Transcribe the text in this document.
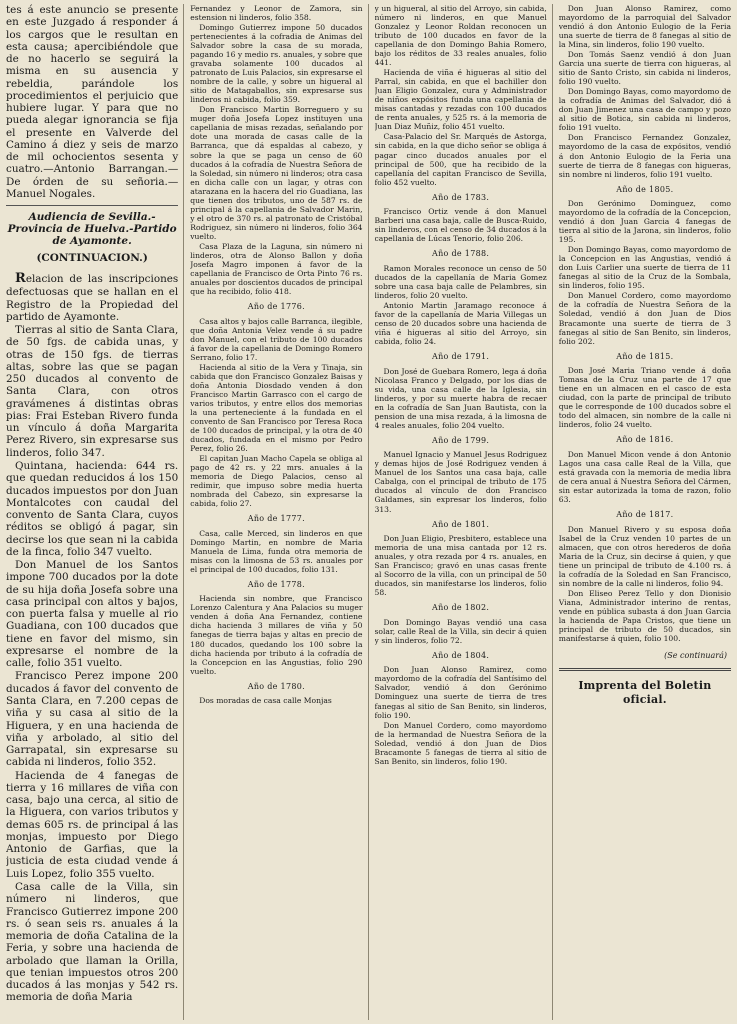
tes á este anuncio se presente en este Juzgado á responder á los cargos que le resultan en esta causa; apercibiéndole que de no hacerlo se seguirá la misma en su ausencia y rebeldia, parándole los procedimientos el perjuicio que hubiere lugar. Y para que no pueda alegar ignorancia se fija el presente en Valverde del Camino á diez y seis de marzo de mil ochocientos sesenta y cuatro.—Antonio Barrangan.—De órden de su señoria.—Manuel Nogales.

Audiencia de Sevilla.-Provincia de Huelva.-Partido de Ayamonte.
(CONTINUACION.)

Relacion de las inscripciones defectuosas que se hallan en el Registro de la Propiedad del partido de Ayamonte.

Tierras al sitio de Santa Clara, de 50 fgs. de cabida unas, y otras de 150 fgs. de tierras altas, sobre las que se pagan 250 ducados al convento de Santa Clara, con otros gravámenes á distintas obras pias: Frai Esteban Rivero funda un vínculo á doña Margarita Perez Rivero, sin expresarse sus linderos, folio 347.

Quintana, hacienda: 644 rs. que quedan reducidos á los 150 ducados impuestos por don Juan Montalcotes con caudal del convento de Santa Clara, cuyos réditos se obligó á pagar, sin decirse los que sean ni la cabida de la finca, folio 347 vuelto.

Don Manuel de los Santos impone 700 ducados por la dote de su hija doña Josefa sobre una casa principal con altos y bajos, con puerta falsa y muelle al rio Guadiana, con 100 ducados que tiene en favor del mismo, sin expresarse el nombre de la calle, folio 351 vuelto.

Francisco Perez impone 200 ducados á favor del convento de Santa Clara, en 7.200 cepas de viña y su casa al sitio de la Higuera, y en una hacienda de viña y arbolado, al sitio del Garrapatal, sin expresarse su cabida ni linderos, folio 352.

Hacienda de 4 fanegas de tierra y 16 millares de viña con casa, bajo una cerca, al sitio de la Higuera, con varios tributos y demas 605 rs. de principal á las monjas, impuesto por Diego Antonio de Garfias, que la justicia de esta ciudad vende á Luis Lopez, folio 355 vuelto.

Casa calle de la Villa, sin número ni linderos, que Francisco Gutierrez impone 200 rs. ó sean seis rs. anuales á la memoria de doña Catalina de la Feria, y sobre una hacienda de arbolado que llaman la Orilla, que tenian impuestos otros 200 ducados á las monjas y 542 rs. memoria de doña Maria

Fernandez y Leonor de Zamora, sin estension ni linderos, folio 358.

Domingo Gutierrez impone 50 ducados pertenecientes á la cofradia de Animas del Salvador sobre la casa de su morada, pagando 16 y medio rs. anuales, y sobre que gravaba solamente 100 ducados al patronato de Luis Palacios, sin expresarse el nombre de la calle, y sobre un higueral al sitio de Matagaballos, sin expresarse sus linderos ni cabida, folio 359.

Don Francisco Martin Borreguero y su muger doña Josefa Lopez instituyen una capellania de misas rezadas, señalando por dote una morada de casas calle de la Barranca, que dá espaldas al cabezo, y sobre la que se paga un censo de 60 ducados á la cofradía de Nuestra Señora de la Soledad, sin número ni linderos; otra casa en dicha calle con un lagar, y otras con atarazana en la hacera del rio Guadiana, las que tienen dos tributos, uno de 587 rs. de principal á la capellania de Salvador Marin, y el otro de 370 rs. al patronato de Cristóbal Rodriguez, sin número ni linderos, folio 364 vuelto.

Casa Plaza de la Laguna, sin número ni linderos, otra de Alonso Ballon y doña Josefa Magro imponen á favor de la capellania de Francisco de Orta Pinto 76 rs. anuales por doscientos ducados de principal que ha recibido, folio 418.

Año de 1776.

Casa altos y bajos calle Barranca, ilegible, que doña Antonia Velez vende á su padre don Manuel, con el tributo de 100 ducados á favor de la capellania de Domingo Romero Serrano, folio 17.

Hacienda al sitio de la Vera y Tinaja, sin cabida que don Francisco Gonzalez Baisas y doña Antonia Diosdado venden á don Francisco Martin Garrasco con el cargo de varios tributos, y entre ellos dos memorias la una perteneciente á la fundada en el convento de San Francisco por Teresa Roca de 100 ducados de principal, y la otra de 40 ducados, fundada en el mismo por Pedro Perez, folio 26.

El capitan Juan Macho Capela se obliga al pago de 42 rs. y 22 mrs. anuales á la memoria de Diego Palacios, censo al redimir, que impuso sobre media huerta nombrada del Cabezo, sin expresarse la cabida, folio 27.

Año de 1777.

Casa, calle Merced, sin linderos en que Domingo Martin, en nombre de Maria Manuela de Lima, funda otra memoria de misas con la limosna de 53 rs. anuales por el principal de 100 ducados, folio 131.

Año de 1778.

Hacienda sin nombre, que Francisco Lorenzo Calentura y Ana Palacios su muger venden á doña Ana Fernandez, contiene dicha hacienda 3 millares de viña y 50 fanegas de tierra bajas y altas en precio de 180 ducados, quedando los 100 sobre la dicha hacienda por tributo á la cofradía de la Concepcion en las Angustias, folio 290 vuelto.

Año de 1780.

Dos moradas de casa calle Monjas

y un higueral, al sitio del Arroyo, sin cabida, número ni linderos, en que Manuel Gonzalez y Leonor Roldan reconocen un tributo de 100 ducados en favor de la capellania de don Domingo Bahia Romero, bajo los réditos de 33 reales anuales, folio 441.

Hacienda de viña é higueras al sitio del Parral, sin cabida, en que el bachiller don Juan Eligio Gonzalez, cura y Administrador de niños expósitos funda una capellania de misas cantadas y rezadas con 100 ducados de renta anuales, y 525 rs. á la memoria de Juan Diaz Muñiz, folio 451 vuelto.

Casa-Palacio del Sr. Marqués de Astorga, sin cabida, en la que dicho señor se obliga á pagar cinco ducados anuales por el principal de 500, que ha recibido de la capellanía del capitan Francisco de Sevilla, folio 452 vuelto.

Año de 1783.

Francisco Ortiz vende á don Manuel Barberi una casa baja, calle de Busca-Ruido, sin linderos, con el censo de 34 ducados á la capellania de Lúcas Tenorio, folio 206.

Año de 1788.

Ramon Morales reconoce un censo de 50 ducados de la capellanía de Maria Gomez sobre una casa baja calle de Pelambres, sin linderos, folio 20 vuelto.

Antonio Martin Jaramago reconoce á favor de la capellanía de Maria Villegas un censo de 20 ducados sobre una hacienda de viña é higueras al sitio del Arroyo, sin cabida, folio 24.

Año de 1791.

Don José de Guebara Romero, lega á doña Nicolasa Franco y Delgado, por los dias de su vida, una casa calle de la Iglesia, sin linderos, y por su muerte habra de recaer en la cofradía de San Juan Bautista, con la pension de una misa rezada, á la limosna de 4 reales anuales, folio 204 vuelto.

Año de 1799.

Manuel Ignacio y Manuel Jesus Rodriguez y demas hijos de José Rodriguez venden á Manuel de los Santos una casa baja, calle Cabalga, con el principal de tributo de 175 ducados al vínculo de don Francisco Galdames, sin expresar los linderos, folio 313.

Año de 1801.

Don Juan Eligio, Presbitero, establece una memoria de una misa cantada por 12 rs. anuales, y otra rezada por 4 rs. anuales, en San Francisco; gravó en unas casas frente al Socorro de la villa, con un principal de 50 ducados, sin manifestarse los linderos, folio 58.

Año de 1802.

Don Domingo Bayas vendió una casa solar, calle Real de la Villa, sin decir á quien y sin linderos, folio 72.

Año de 1804.

Don Juan Alonso Ramirez, como mayordomo de la cofradía del Santísimo del Salvador, vendió á don Gerónimo Dominguez una suerte de tierra de tres fanegas al sitio de San Benito, sin linderos, folio 190.

Don Manuel Cordero, como mayordomo de la hermandad de Nuestra Señora de la Soledad, vendió á don Juan de Dios Bracamonte 5 fanegas de tierra al sitio de San Benito, sin linderos, folio 190.

Don Juan Alonso Ramirez, como mayordomo de la parroquial del Salvador vendió á don Antonio Eulogio de la Feria una suerte de tierra de 8 fanegas al sitio de la Mina, sin linderos, folio 190 vuelto.

Don Tomás Saenz vendió á don Juan Garcia una suerte de tierra con higueras, al sitio de Santo Cristo, sin cabida ni linderos, folio 190 vuelto.

Don Domingo Bayas, como mayordomo de la cofradía de Animas del Salvador, dió á don Juan Jimenez una casa de campo y pozo al sitio de Botica, sin cabida ni linderos, folio 191 vuelto.

Don Francisco Fernandez Gonzalez, mayordomo de la casa de expósitos, vendió á don Antonio Eulogio de la Feria una suerte de tierra de 8 fanegas con higueras, sin nombre ni linderos, folio 191 vuelto.

Año de 1805.

Don Gerónimo Dominguez, como mayordomo de la cofradía de la Concepcion, vendió á don Juan Garcia 4 fanegas de tierra al sitio de la Jarona, sin linderos, folio 195.

Don Domingo Bayas, como mayordomo de la Concepcion en las Angustias, vendió á don Luis Carlier una suerte de tierra de 11 fanegas al sitio de la Cruz de la Sombala, sin linderos, folio 195.

Don Manuel Cordero, como mayordomo de la cofradía de Nuestra Señora de la Soledad, vendió á don Juan de Dios Bracamonte una suerte de tierra de 3 fanegas al sitio de San Benito, sin linderos, folio 202.

Año de 1815.

Don José Maria Triano vende á doña Tomasa de la Cruz una parte de 17 que tiene en un almacen en el casco de esta ciudad, con la parte de principal de tributo que le corresponde de 100 ducados sobre el todo del almacen, sin nombre de la calle ni linderos, folio 24 vuelto.

Año de 1816.

Don Manuel Micon vende á don Antonio Lagos una casa calle Real de la Villa, que está gravada con la memoria de media libra de cera anual á Nuestra Señora del Cármen, sin estar autorizada la toma de razon, folio 63.

Año de 1817.

Don Manuel Rivero y su esposa doña Isabel de la Cruz venden 10 partes de un almacen, que con otros herederos de doña Maria de la Cruz, sin decirse á quien, y que tiene un principal de tributo de 4.100 rs. á la cofradía de la Soledad en San Francisco, sin nombre de la calle ni linderos, folio 94.

Don Eliseo Perez Tello y don Dionisio Viana, Administrador interino de rentas, vende en pública subasta á don Juan Garcia la hacienda de Papa Cristos, que tiene un principal de tributo de 50 ducados, sin manifestarse á quien, folio 100.

(Se continuará)
Imprenta del Boletin oficial.
